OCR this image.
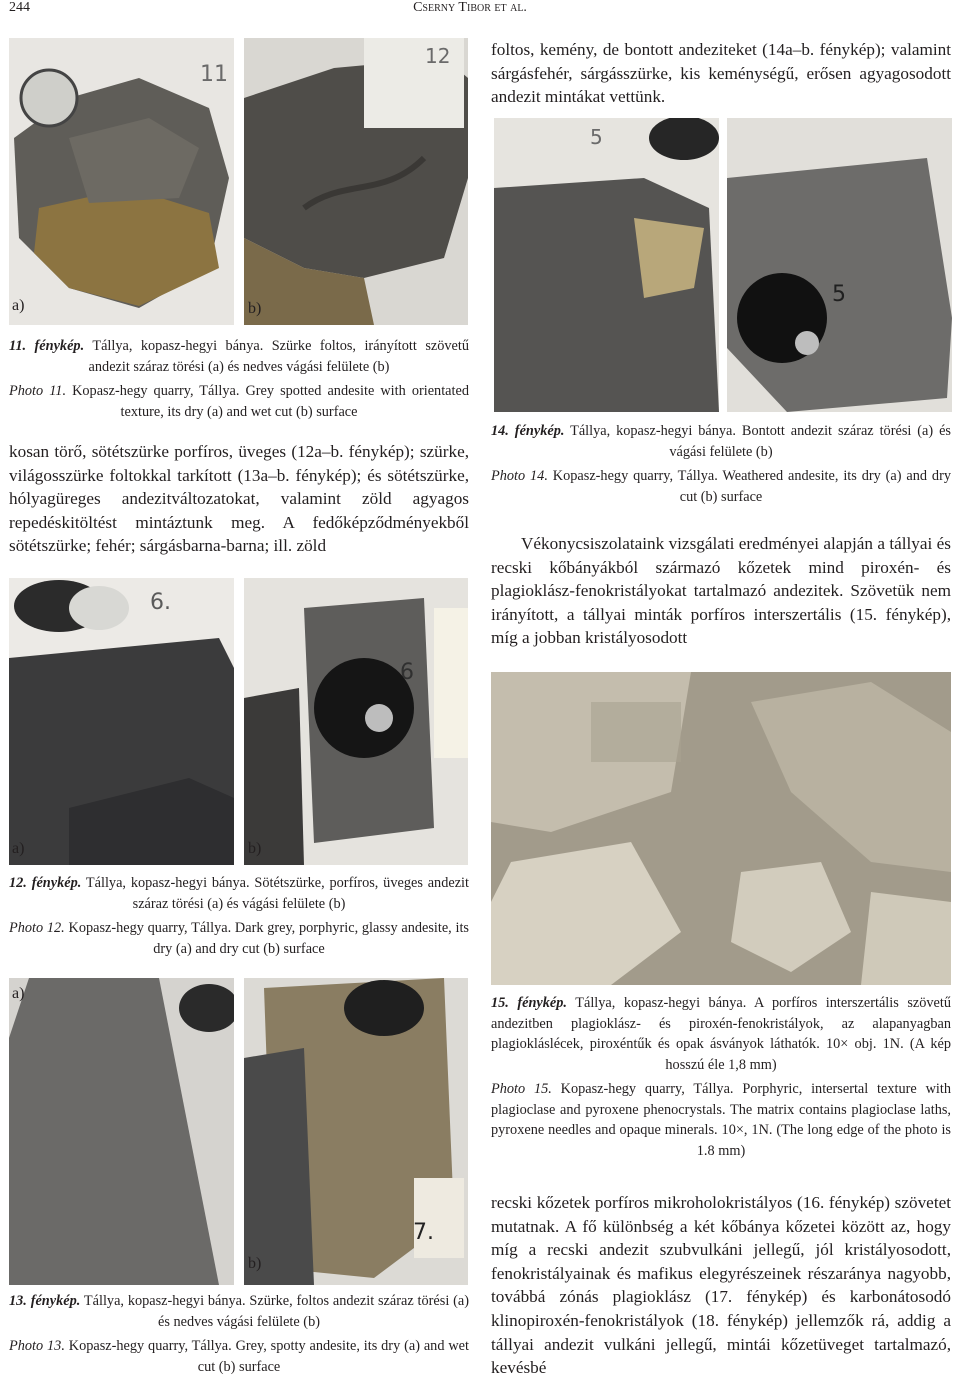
244	Cserny Tibor et al.
a)	b)
11
12

11. fénykép. Tállya, kopasz-hegyi bánya. Szürke foltos, irányított szövetű andezit száraz törési (a) és nedves vágási felülete (b)

Photo 11. Kopasz-hegy quarry, Tállya. Grey spotted andesite with orientated texture, its dry (a) and wet cut (b) surface

kosan törő, sötétszürke porfíros, üveges (12a–b. fénykép); szürke, világosszürke foltokkal tarkított (13a–b. fénykép); és sötétszürke, hólyagüreges andezitváltozatokat, valamint zöld agyagos repedéskitöltést mintáztunk meg. A fedőképződményekből sötétszürke; fehér; sárgásbarna-barna; ill. zöld
a)	b)
6.
6

12. fénykép. Tállya, kopasz-hegyi bánya. Sötétszürke, porfíros, üveges andezit száraz törési (a) és vágási felülete (b)

Photo 12. Kopasz-hegy quarry, Tállya. Dark grey, porphyric, glassy andesite, its dry (a) and dry cut (b) surface

a)
b)
7.

13. fénykép. Tállya, kopasz-hegyi bánya. Szürke, foltos andezit száraz törési (a) és nedves vágási felülete (b)

Photo 13. Kopasz-hegy quarry, Tállya. Grey, spotty andesite, its dry (a) and wet cut (b) surface

foltos, kemény, de bontott andeziteket (14a–b. fénykép); valamint sárgásfehér, sárgásszürke, kis keménységű, erősen agyagosodott andezit mintákat vettünk.
5
5

14. fénykép. Tállya, kopasz-hegyi bánya. Bontott andezit száraz törési (a) és vágási felülete (b)

Photo 14. Kopasz-hegy quarry, Tállya. Weathered andesite, its dry (a) and dry cut (b) surface

Vékonycsiszolataink vizsgálati eredményei alapján a tállyai és recski kőbányákból származó kőzetek mind piroxén- és plagioklász-fenokristályokat tartalmazó andezitek. Szövetük nem irányított, a tállyai minták porfíros interszertális (15. fénykép), míg a jobban kristályosodott

15. fénykép. Tállya, kopasz-hegyi bánya. A porfíros interszertális szövetű andezitben plagioklász- és piroxén-fenokristályok, az alapanyagban plagiokláslécek, piroxéntűk és opak ásványok láthatók. 10× obj. 1N. (A kép hosszú éle 1,8 mm)

Photo 15. Kopasz-hegy quarry, Tállya. Porphyric, intersertal texture with plagioclase and pyroxene phenocrystals. The matrix contains plagioclase laths, pyroxene needles and opaque minerals. 10×, 1N. (The long edge of the photo is 1.8 mm)

recski kőzetek porfíros mikroholokristályos (16. fénykép) szövetet mutatnak. A fő különbség a két kőbánya kőzetei között az, hogy míg a recski andezit szubvulkáni jellegű, jól kristályosodott, fenokristályainak és mafikus elegyrészeinek részaránya nagyobb, továbbá zónás plagioklász (17. fénykép) és karbonátosodó klinopiroxén-fenokristályok (18. fénykép) jellemzők rá, addig a tállyai andezit vulkáni jellegű, mintái kőzetüveget tartalmazó, kevésbé
